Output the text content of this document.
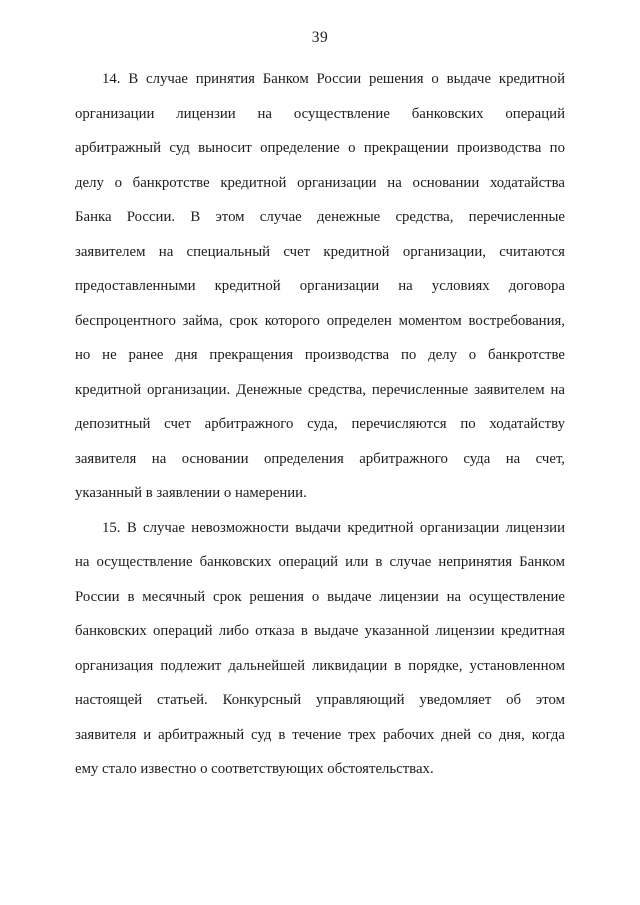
39
14. В случае принятия Банком России решения о выдаче кредитной
организации лицензии на осуществление банковских операций
арбитражный суд выносит определение о прекращении производства по
делу о банкротстве кредитной организации на основании ходатайства
Банка России. В этом случае денежные средства, перечисленные
заявителем на специальный счет кредитной организации, считаются
предоставленными кредитной организации на условиях договора
беспроцентного займа, срок которого определен моментом востребования,
но не ранее дня прекращения производства по делу о банкротстве
кредитной организации. Денежные средства, перечисленные заявителем на
депозитный счет арбитражного суда, перечисляются по ходатайству
заявителя на основании определения арбитражного суда на счет,
указанный в заявлении о намерении.
15. В случае невозможности выдачи кредитной организации лицензии
на осуществление банковских операций или в случае непринятия Банком
России в месячный срок решения о выдаче лицензии на осуществление
банковских операций либо отказа в выдаче указанной лицензии кредитная
организация подлежит дальнейшей ликвидации в порядке, установленном
настоящей статьей. Конкурсный управляющий уведомляет об этом
заявителя и арбитражный суд в течение трех рабочих дней со дня, когда
ему стало известно о соответствующих обстоятельствах.
